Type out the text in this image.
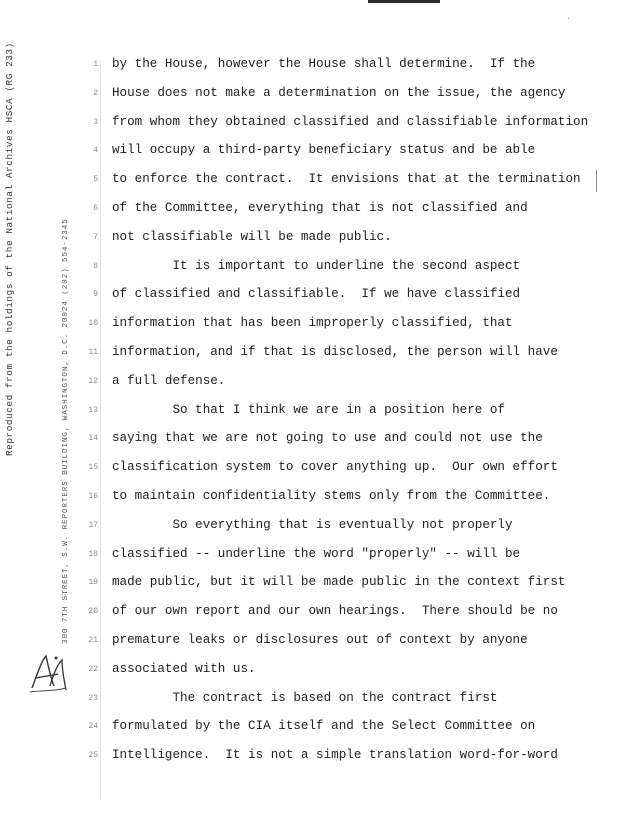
·
Reproduced from the holdings of the National Archives HSCA (RG 233)	300 7TH STREET, S.W. REPORTERS BUILDING, WASHINGTON, D.C. 20024 (202) 554-2345
1 by the House, however the House shall determine.  If the
2 House does not make a determination on the issue, the agency
3 from whom they obtained classified and classifiable information
4 will occupy a third-party beneficiary status and be able
5 to enforce the contract.  It envisions that at the termination
6 of the Committee, everything that is not classified and
7 not classifiable will be made public.
8 It is important to underline the second aspect
9 of classified and classifiable.  If we have classified
10 information that has been improperly classified, that
11 information, and if that is disclosed, the person will have
12 a full defense.
13 So that I think we are in a position here of
14 saying that we are not going to use and could not use the
15 classification system to cover anything up.  Our own effort
16 to maintain confidentiality stems only from the Committee.
17 So everything that is eventually not properly
18 classified -- underline the word "properly" -- will be
19 made public, but it will be made public in the context first
20 of our own report and our own hearings.  There should be no
21 premature leaks or disclosures out of context by anyone
22 associated with us.
23 The contract is based on the contract first
24 formulated by the CIA itself and the Select Committee on
25 Intelligence.  It is not a simple translation word-for-word
